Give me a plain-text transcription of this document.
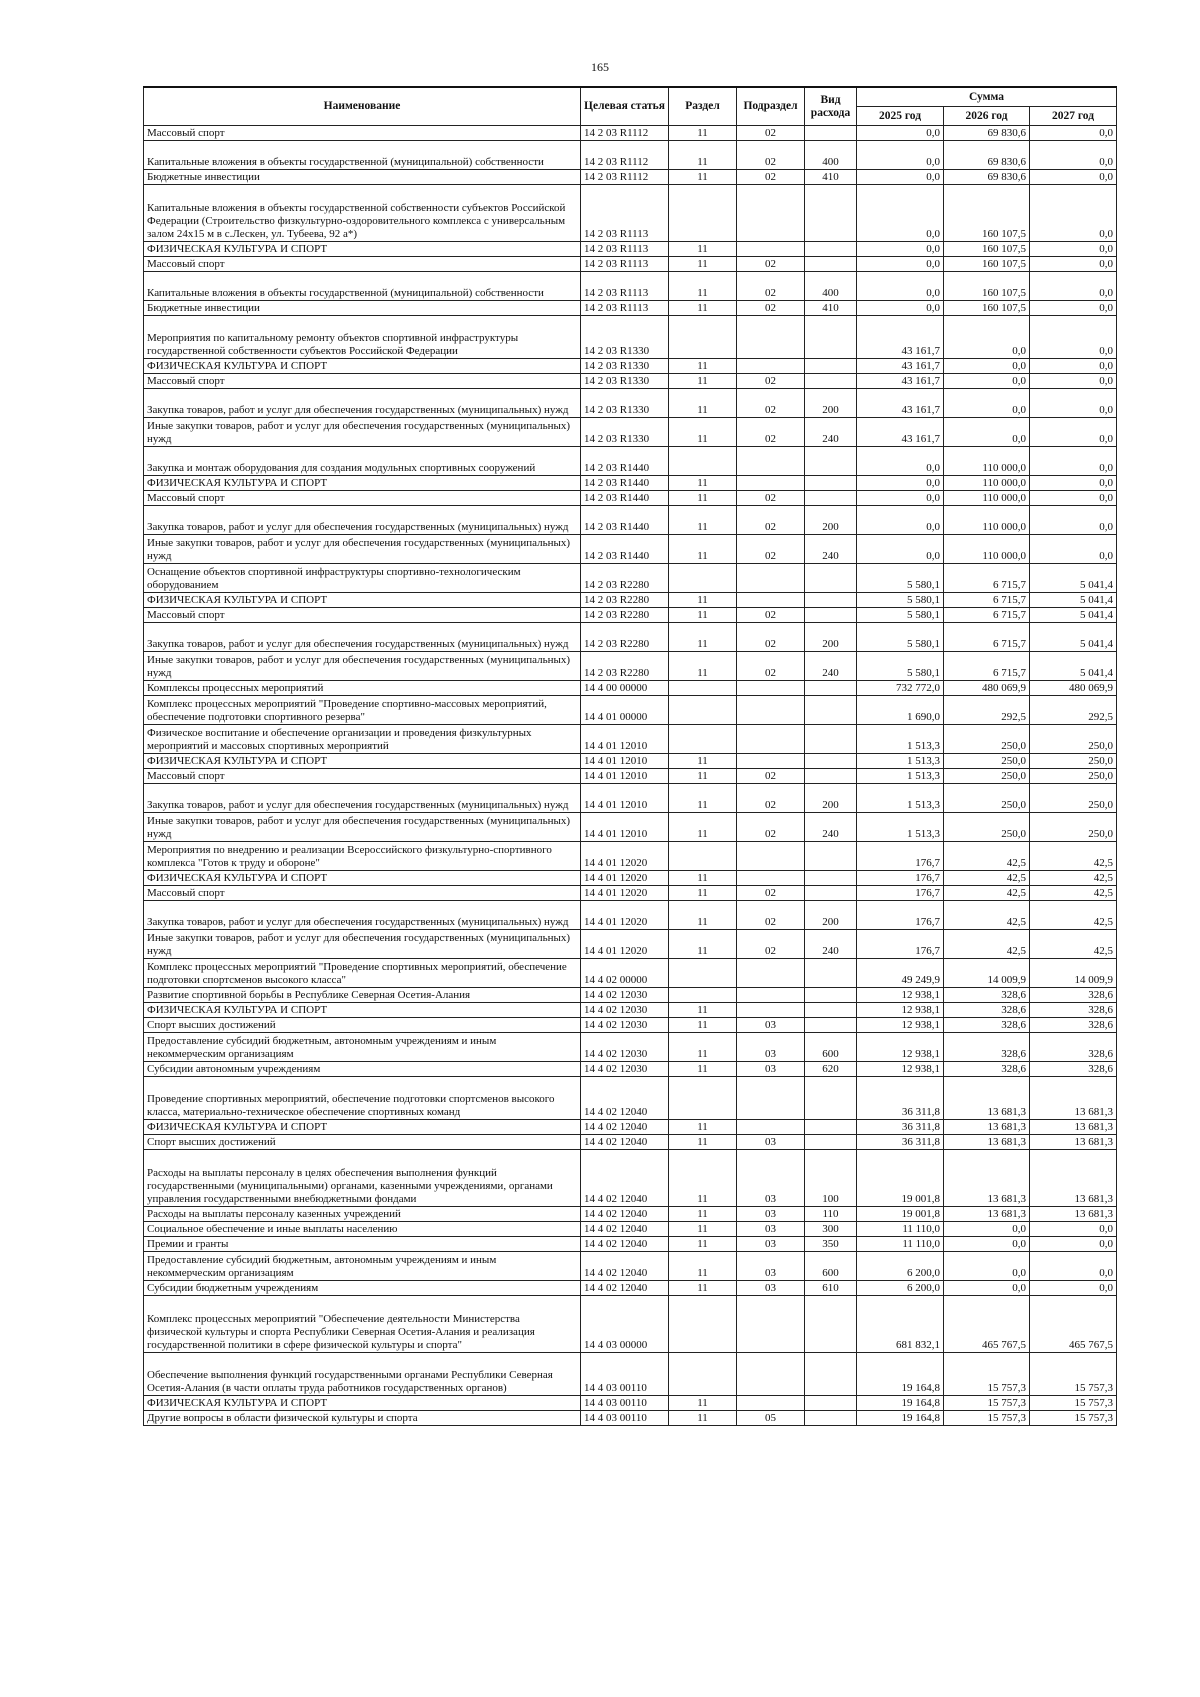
165
Наименование	Целевая статья	Раздел	Подраздел	Вид расхода	Сумма		
					2025 год	2026 год	2027 год
Массовый спорт	14 2 03 R1112	11	02		0,0	69 830,6	0,0
Капитальные вложения в объекты государственной (муниципальной) собственности	14 2 03 R1112	11	02	400	0,0	69 830,6	0,0
Бюджетные инвестиции	14 2 03 R1112	11	02	410	0,0	69 830,6	0,0
Капитальные вложения в объекты государственной собственности субъектов Российской Федерации (Строительство физкультурно-оздоровительного комплекса с универсальным залом 24х15 м в с.Лескен, ул. Тубеева, 92 а*)	14 2 03 R1113				0,0	160 107,5	0,0
ФИЗИЧЕСКАЯ КУЛЬТУРА И СПОРТ	14 2 03 R1113	11			0,0	160 107,5	0,0
Массовый спорт	14 2 03 R1113	11	02		0,0	160 107,5	0,0
Капитальные вложения в объекты государственной (муниципальной) собственности	14 2 03 R1113	11	02	400	0,0	160 107,5	0,0
Бюджетные инвестиции	14 2 03 R1113	11	02	410	0,0	160 107,5	0,0
Мероприятия по капитальному ремонту объектов спортивной инфраструктуры государственной собственности субъектов Российской Федерации	14 2 03 R1330				43 161,7	0,0	0,0
ФИЗИЧЕСКАЯ КУЛЬТУРА И СПОРТ	14 2 03 R1330	11			43 161,7	0,0	0,0
Массовый спорт	14 2 03 R1330	11	02		43 161,7	0,0	0,0
Закупка товаров, работ и услуг для обеспечения государственных (муниципальных) нужд	14 2 03 R1330	11	02	200	43 161,7	0,0	0,0
Иные закупки товаров, работ и услуг для обеспечения государственных (муниципальных) нужд	14 2 03 R1330	11	02	240	43 161,7	0,0	0,0
Закупка и монтаж оборудования для создания модульных спортивных сооружений	14 2 03 R1440				0,0	110 000,0	0,0
ФИЗИЧЕСКАЯ КУЛЬТУРА И СПОРТ	14 2 03 R1440	11			0,0	110 000,0	0,0
Массовый спорт	14 2 03 R1440	11	02		0,0	110 000,0	0,0
Закупка товаров, работ и услуг для обеспечения государственных (муниципальных) нужд	14 2 03 R1440	11	02	200	0,0	110 000,0	0,0
Иные закупки товаров, работ и услуг для обеспечения государственных (муниципальных) нужд	14 2 03 R1440	11	02	240	0,0	110 000,0	0,0
Оснащение объектов спортивной инфраструктуры спортивно-технологическим оборудованием	14 2 03 R2280				5 580,1	6 715,7	5 041,4
ФИЗИЧЕСКАЯ КУЛЬТУРА И СПОРТ	14 2 03 R2280	11			5 580,1	6 715,7	5 041,4
Массовый спорт	14 2 03 R2280	11	02		5 580,1	6 715,7	5 041,4
Закупка товаров, работ и услуг для обеспечения государственных (муниципальных) нужд	14 2 03 R2280	11	02	200	5 580,1	6 715,7	5 041,4
Иные закупки товаров, работ и услуг для обеспечения государственных (муниципальных) нужд	14 2 03 R2280	11	02	240	5 580,1	6 715,7	5 041,4
Комплексы процессных мероприятий	14 4 00 00000				732 772,0	480 069,9	480 069,9
Комплекс процессных мероприятий "Проведение спортивно-массовых мероприятий, обеспечение подготовки спортивного резерва"	14 4 01 00000				1 690,0	292,5	292,5
Физическое воспитание и обеспечение организации и проведения физкультурных мероприятий и массовых спортивных мероприятий	14 4 01 12010				1 513,3	250,0	250,0
ФИЗИЧЕСКАЯ КУЛЬТУРА И СПОРТ	14 4 01 12010	11			1 513,3	250,0	250,0
Массовый спорт	14 4 01 12010	11	02		1 513,3	250,0	250,0
Закупка товаров, работ и услуг для обеспечения государственных (муниципальных) нужд	14 4 01 12010	11	02	200	1 513,3	250,0	250,0
Иные закупки товаров, работ и услуг для обеспечения государственных (муниципальных) нужд	14 4 01 12010	11	02	240	1 513,3	250,0	250,0
Мероприятия по внедрению и реализации Всероссийского физкультурно-спортивного комплекса "Готов к труду и обороне"	14 4 01 12020				176,7	42,5	42,5
ФИЗИЧЕСКАЯ КУЛЬТУРА И СПОРТ	14 4 01 12020	11			176,7	42,5	42,5
Массовый спорт	14 4 01 12020	11	02		176,7	42,5	42,5
Закупка товаров, работ и услуг для обеспечения государственных (муниципальных) нужд	14 4 01 12020	11	02	200	176,7	42,5	42,5
Иные закупки товаров, работ и услуг для обеспечения государственных (муниципальных) нужд	14 4 01 12020	11	02	240	176,7	42,5	42,5
Комплекс процессных мероприятий "Проведение спортивных мероприятий, обеспечение подготовки спортсменов высокого класса"	14 4 02 00000				49 249,9	14 009,9	14 009,9
Развитие спортивной борьбы в Республике Северная Осетия-Алания	14 4 02 12030				12 938,1	328,6	328,6
ФИЗИЧЕСКАЯ КУЛЬТУРА И СПОРТ	14 4 02 12030	11			12 938,1	328,6	328,6
Спорт высших достижений	14 4 02 12030	11	03		12 938,1	328,6	328,6
Предоставление субсидий бюджетным, автономным учреждениям и иным некоммерческим организациям	14 4 02 12030	11	03	600	12 938,1	328,6	328,6
Субсидии автономным учреждениям	14 4 02 12030	11	03	620	12 938,1	328,6	328,6
Проведение спортивных мероприятий, обеспечение подготовки спортсменов высокого класса, материально-техническое обеспечение спортивных команд	14 4 02 12040				36 311,8	13 681,3	13 681,3
ФИЗИЧЕСКАЯ КУЛЬТУРА И СПОРТ	14 4 02 12040	11			36 311,8	13 681,3	13 681,3
Спорт высших достижений	14 4 02 12040	11	03		36 311,8	13 681,3	13 681,3
Расходы на выплаты персоналу в целях обеспечения выполнения функций государственными (муниципальными) органами, казенными учреждениями, органами управления государственными внебюджетными фондами	14 4 02 12040	11	03	100	19 001,8	13 681,3	13 681,3
Расходы на выплаты персоналу казенных учреждений	14 4 02 12040	11	03	110	19 001,8	13 681,3	13 681,3
Социальное обеспечение и иные выплаты населению	14 4 02 12040	11	03	300	11 110,0	0,0	0,0
Премии и гранты	14 4 02 12040	11	03	350	11 110,0	0,0	0,0
Предоставление субсидий бюджетным, автономным учреждениям и иным некоммерческим организациям	14 4 02 12040	11	03	600	6 200,0	0,0	0,0
Субсидии бюджетным учреждениям	14 4 02 12040	11	03	610	6 200,0	0,0	0,0
Комплекс процессных мероприятий "Обеспечение деятельности Министерства физической культуры и спорта Республики Северная Осетия-Алания и реализация государственной политики в сфере физической культуры и спорта"	14 4 03 00000				681 832,1	465 767,5	465 767,5
Обеспечение выполнения функций государственными органами Республики Северная Осетия-Алания (в части оплаты труда работников государственных органов)	14 4 03 00110				19 164,8	15 757,3	15 757,3
ФИЗИЧЕСКАЯ КУЛЬТУРА И СПОРТ	14 4 03 00110	11			19 164,8	15 757,3	15 757,3
Другие вопросы в области физической культуры и спорта	14 4 03 00110	11	05		19 164,8	15 757,3	15 757,3
